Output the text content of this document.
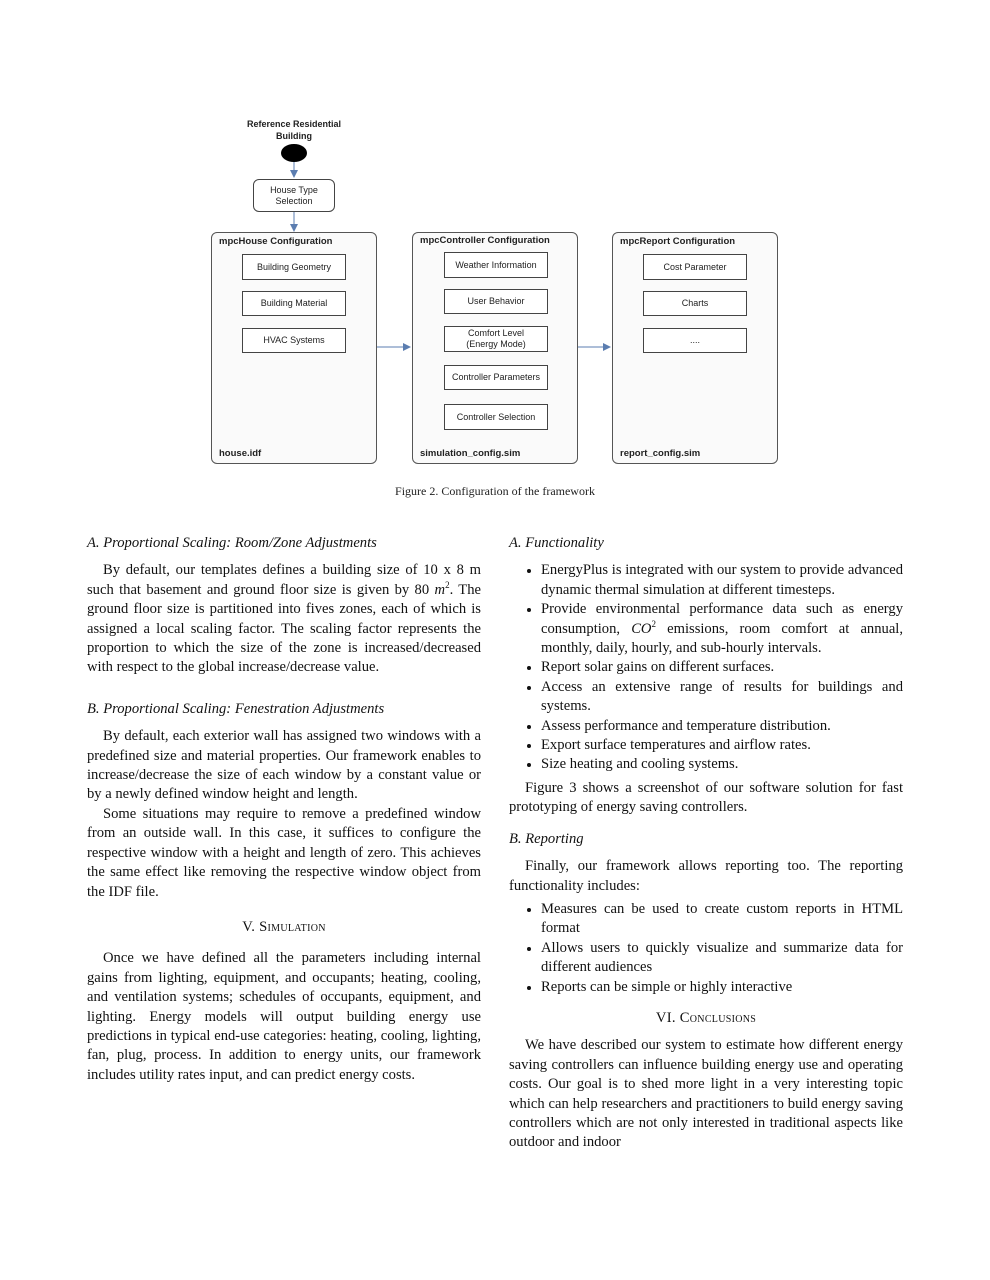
Reference Residential Building
House Type Selection
mpcHouse Configuration
house.idf
Building Geometry
Building Material
HVAC Systems
mpcController Configuration
simulation_config.sim
Weather Information
User Behavior
Comfort Level (Energy Mode)
Controller Parameters
Controller Selection
mpcReport Configuration
report_config.sim
Cost Parameter
Charts
....
Figure 2. Configuration of the framework
A. Proportional Scaling: Room/Zone Adjustments

By default, our templates defines a building size of 10 x 8 m such that basement and ground floor size is given by 80 $m^2$. The ground floor size is partitioned into fives zones, each of which is assigned a local scaling factor. The scaling factor represents the proportion to which the size of the zone is increased/decreased with respect to the global increase/decrease value.

B. Proportional Scaling: Fenestration Adjustments

By default, each exterior wall has assigned two windows with a predefined size and material properties. Our framework enables to increase/decrease the size of each window by a constant value or by a newly defined window height and length.

Some situations may require to remove a predefined window from an outside wall. In this case, it suffices to configure the respective window with a height and length of zero. This achieves the same effect like removing the respective window object from the IDF file.

V. Simulation

Once we have defined all the parameters including internal gains from lighting, equipment, and occupants; heating, cooling, and ventilation systems; schedules of occupants, equipment, and lighting. Energy models will output building energy use predictions in typical end-use categories: heating, cooling, lighting, fan, plug, process. In addition to energy units, our framework includes utility rates input, and can predict energy costs.

A. Functionality
• EnergyPlus is integrated with our system to provide advanced dynamic thermal simulation at different timesteps.
• Provide environmental performance data such as energy consumption, $CO^2$ emissions, room comfort at annual, monthly, daily, hourly, and sub-hourly intervals.
• Report solar gains on different surfaces.
• Access an extensive range of results for buildings and systems.
• Assess performance and temperature distribution.
• Export surface temperatures and airflow rates.
• Size heating and cooling systems.

Figure 3 shows a screenshot of our software solution for fast prototyping of energy saving controllers.

B. Reporting

Finally, our framework allows reporting too. The reporting functionality includes:

• Measures can be used to create custom reports in HTML format
• Allows users to quickly visualize and summarize data for different audiences
• Reports can be simple or highly interactive
VI. Conclusions

We have described our system to estimate how different energy saving controllers can influence building energy use and operating costs. Our goal is to shed more light in a very interesting topic which can help researchers and practitioners to build energy saving controllers which are not only interested in traditional aspects like outdoor and indoor
